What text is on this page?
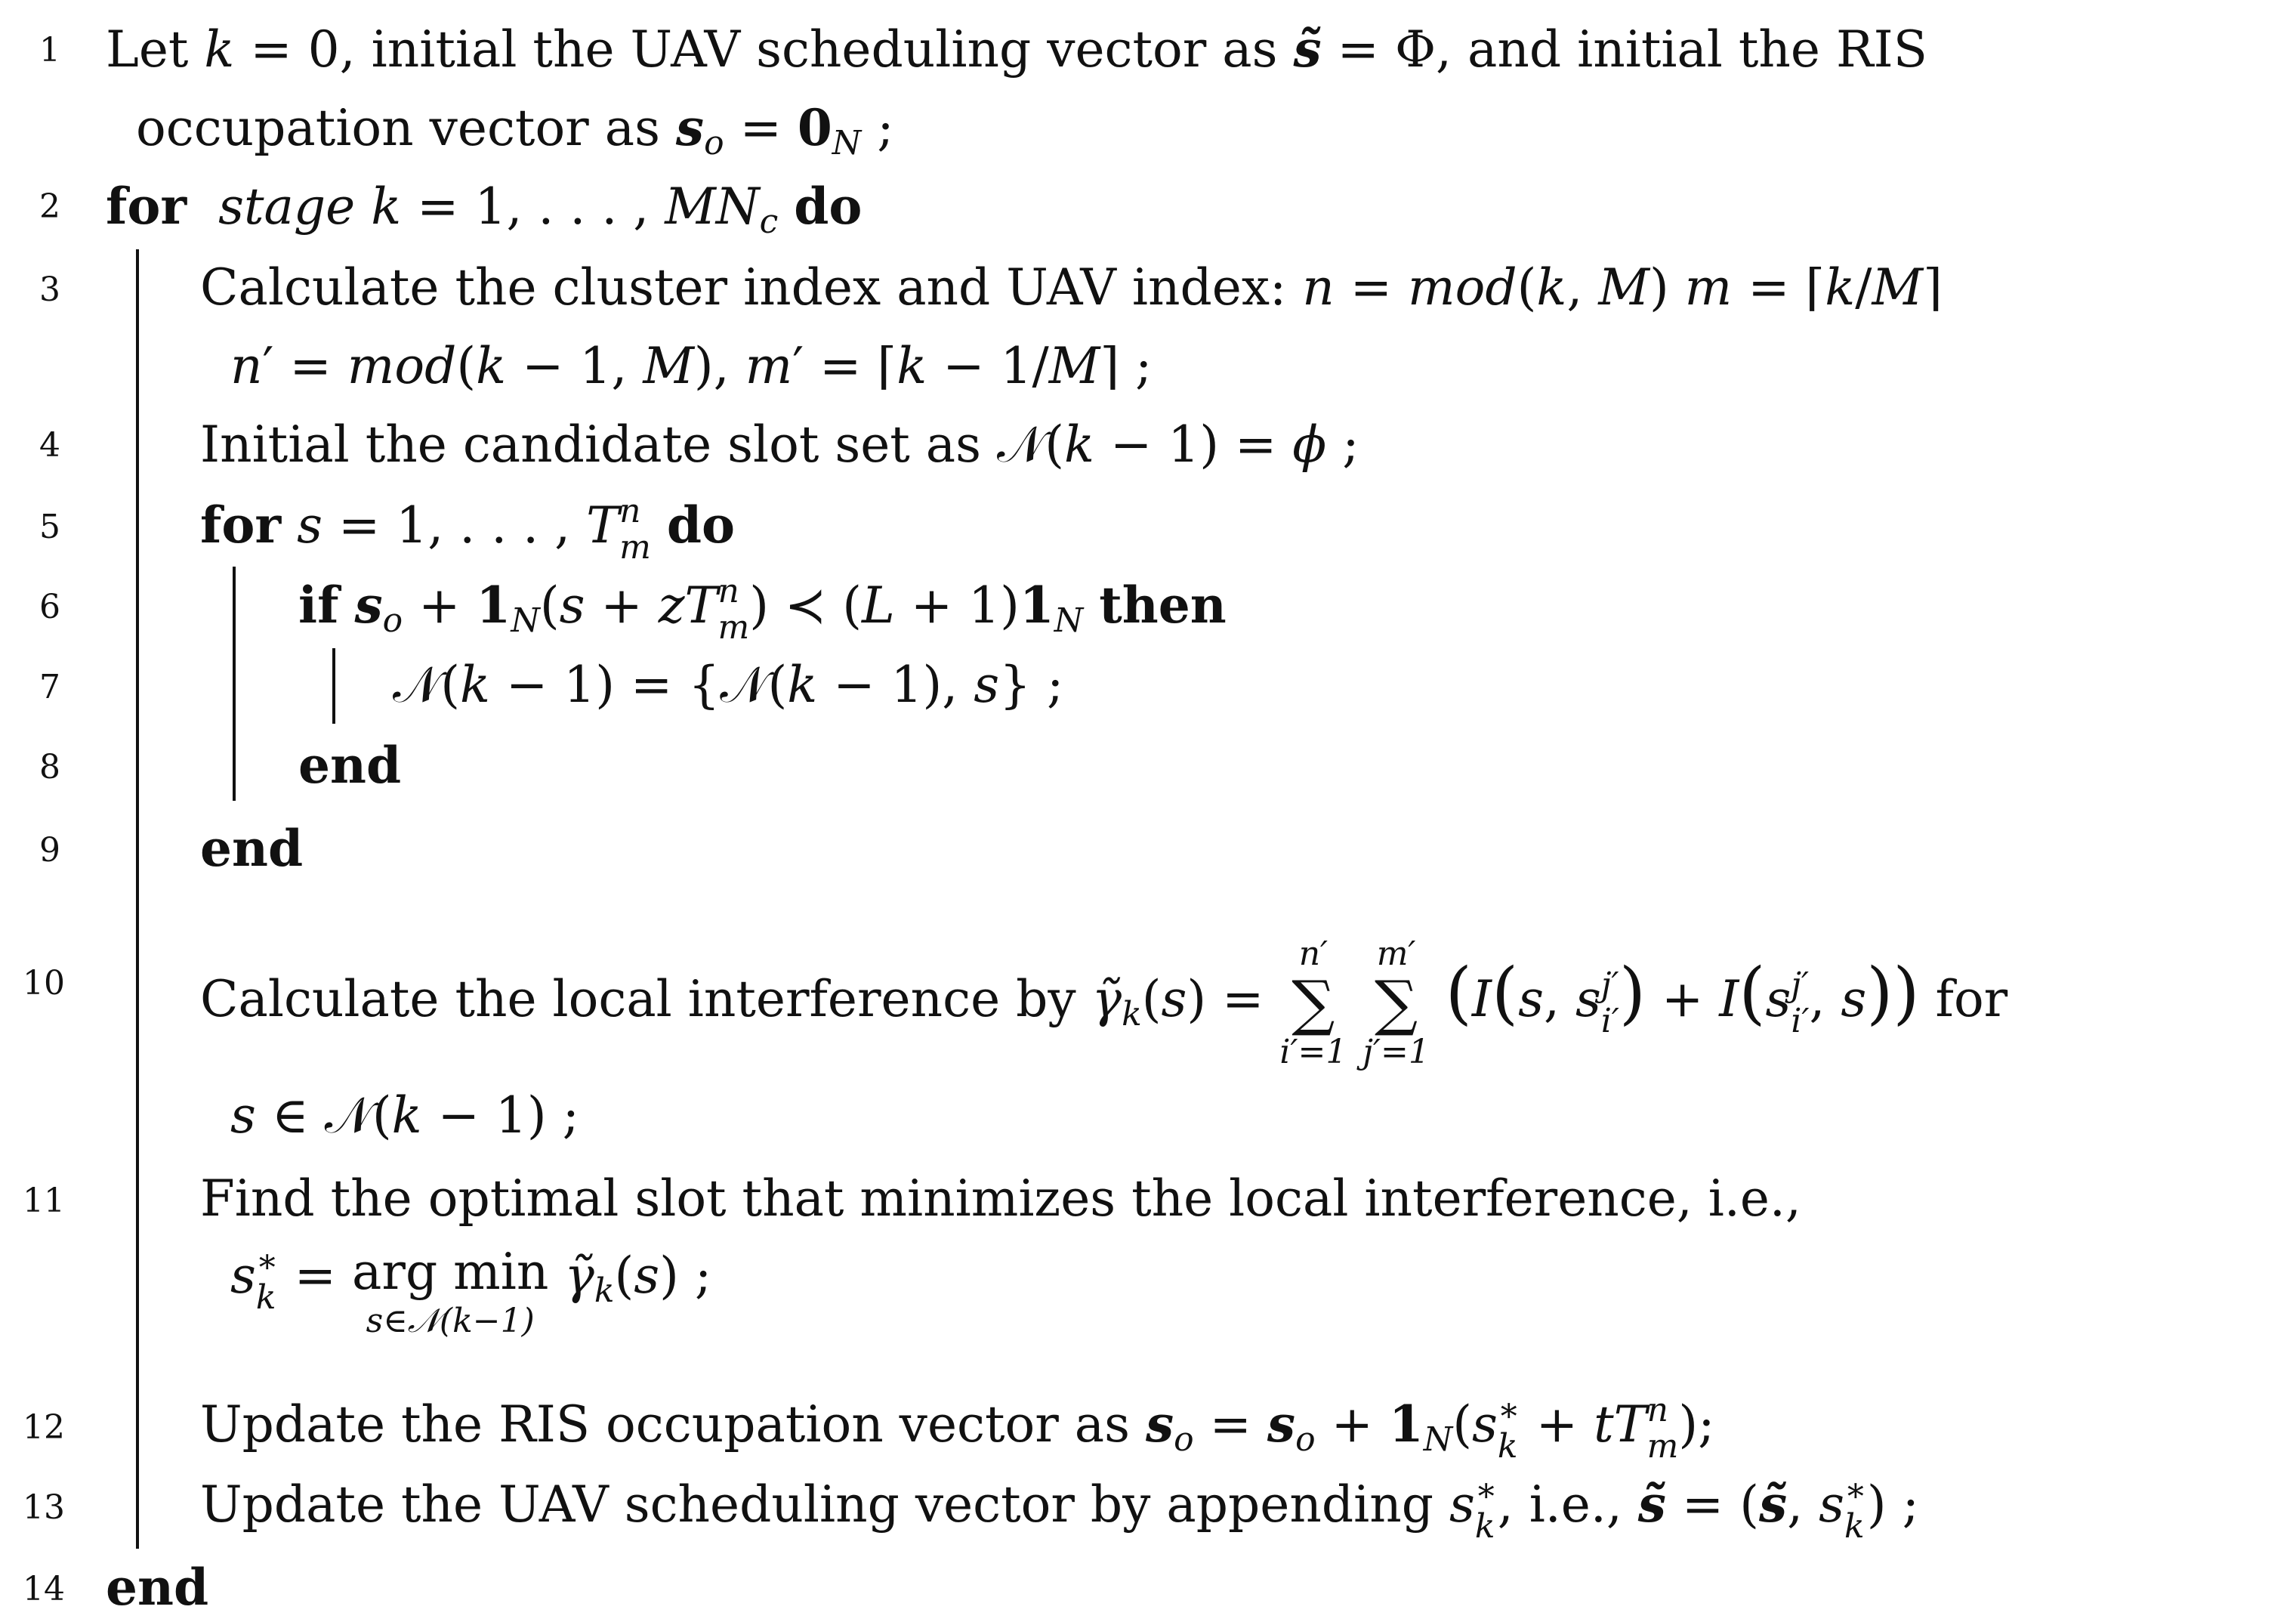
1
2
3
4
5
6
7
8
9
10
11
12
13
14
Let k = 0, initial the UAV scheduling vector as s̃ = Φ, and initial the RIS
occupation vector as $s_o = 0_N$ ;
for stage k = 1, . . . , $MN_c$ do
Calculate the cluster index and UAV index: n = mod(k, M) m = ⌈k/M⌉
n′ = mod(k − 1, M), m′ = ⌈k − 1/M⌉ ;
Initial the candidate slot set as 𝒩(k − 1) = ϕ ;
for s = 1, . . . , T n
m do
if $s_o + 1_N(s$ + zT n
m ) ≺ $(L + 1)1_N$ then
𝒩(k − 1) = {𝒩(k − 1), s} ;
end
end
Calculate the local interference by $\gammã_k(s)$ =
n′
∑
i′=1

m′
∑
j′=1
(I(s, s j′
i′ ) + I(s j′
i′ , s)) for
s ∈ 𝒩(k − 1) ;
Find the optimal slot that minimizes the local interference, i.e.,
s ∗
k = arg min
s∈𝒩(k−1)
$\gammã_k(s)$ ;
Update the RIS occupation vector as $s_o = s_o + 1_N(s$ ∗
k + tT n
m );
Update the UAV scheduling vector by appending s ∗
k , i.e., s̃ = (s̃, s ∗
k ) ;
end
